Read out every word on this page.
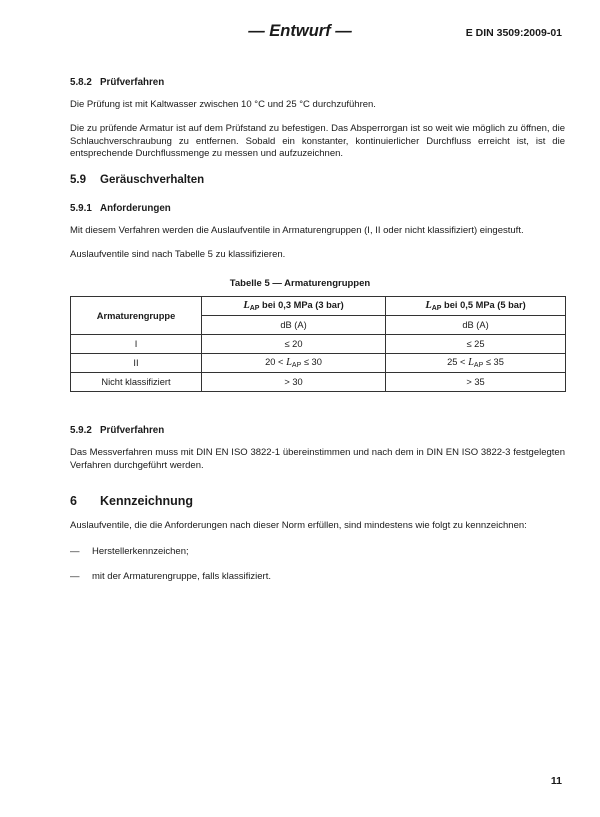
— Entwurf —	E DIN 3509:2009-01
5.8.2 Prüfverfahren
Die Prüfung ist mit Kaltwasser zwischen 10 °C und 25 °C durchzuführen.
Die zu prüfende Armatur ist auf dem Prüfstand zu befestigen. Das Absperrorgan ist so weit wie möglich zu öffnen, die Schlauchverschraubung zu entfernen. Sobald ein konstanter, kontinuierlicher Durchfluss erreicht ist, ist die entsprechende Durchflussmenge zu messen und aufzuzeichnen.
5.9 Geräuschverhalten
5.9.1 Anforderungen
Mit diesem Verfahren werden die Auslaufventile in Armaturengruppen (I, II oder nicht klassifiziert) eingestuft.
Auslaufventile sind nach Tabelle 5 zu klassifizieren.
Tabelle 5 — Armaturengruppen
Armaturengruppe	$L_{AP}$ bei 0,3 MPa (3 bar)	$L_{AP}$ bei 0,5 MPa (5 bar)
	dB (A)	dB (A)
I	≤ 20	≤ 25
II	$20 < L_{AP} \le 30$	$25 < L_{AP} \le 35$
Nicht klassifiziert	> 30	> 35
5.9.2 Prüfverfahren
Das Messverfahren muss mit DIN EN ISO 3822-1 übereinstimmen und nach dem in DIN EN ISO 3822-3 festgelegten Verfahren durchgeführt werden.
6 Kennzeichnung
Auslaufventile, die die Anforderungen nach dieser Norm erfüllen, sind mindestens wie folgt zu kennzeichnen:
— Herstellerkennzeichen;
— mit der Armaturengruppe, falls klassifiziert.
11
